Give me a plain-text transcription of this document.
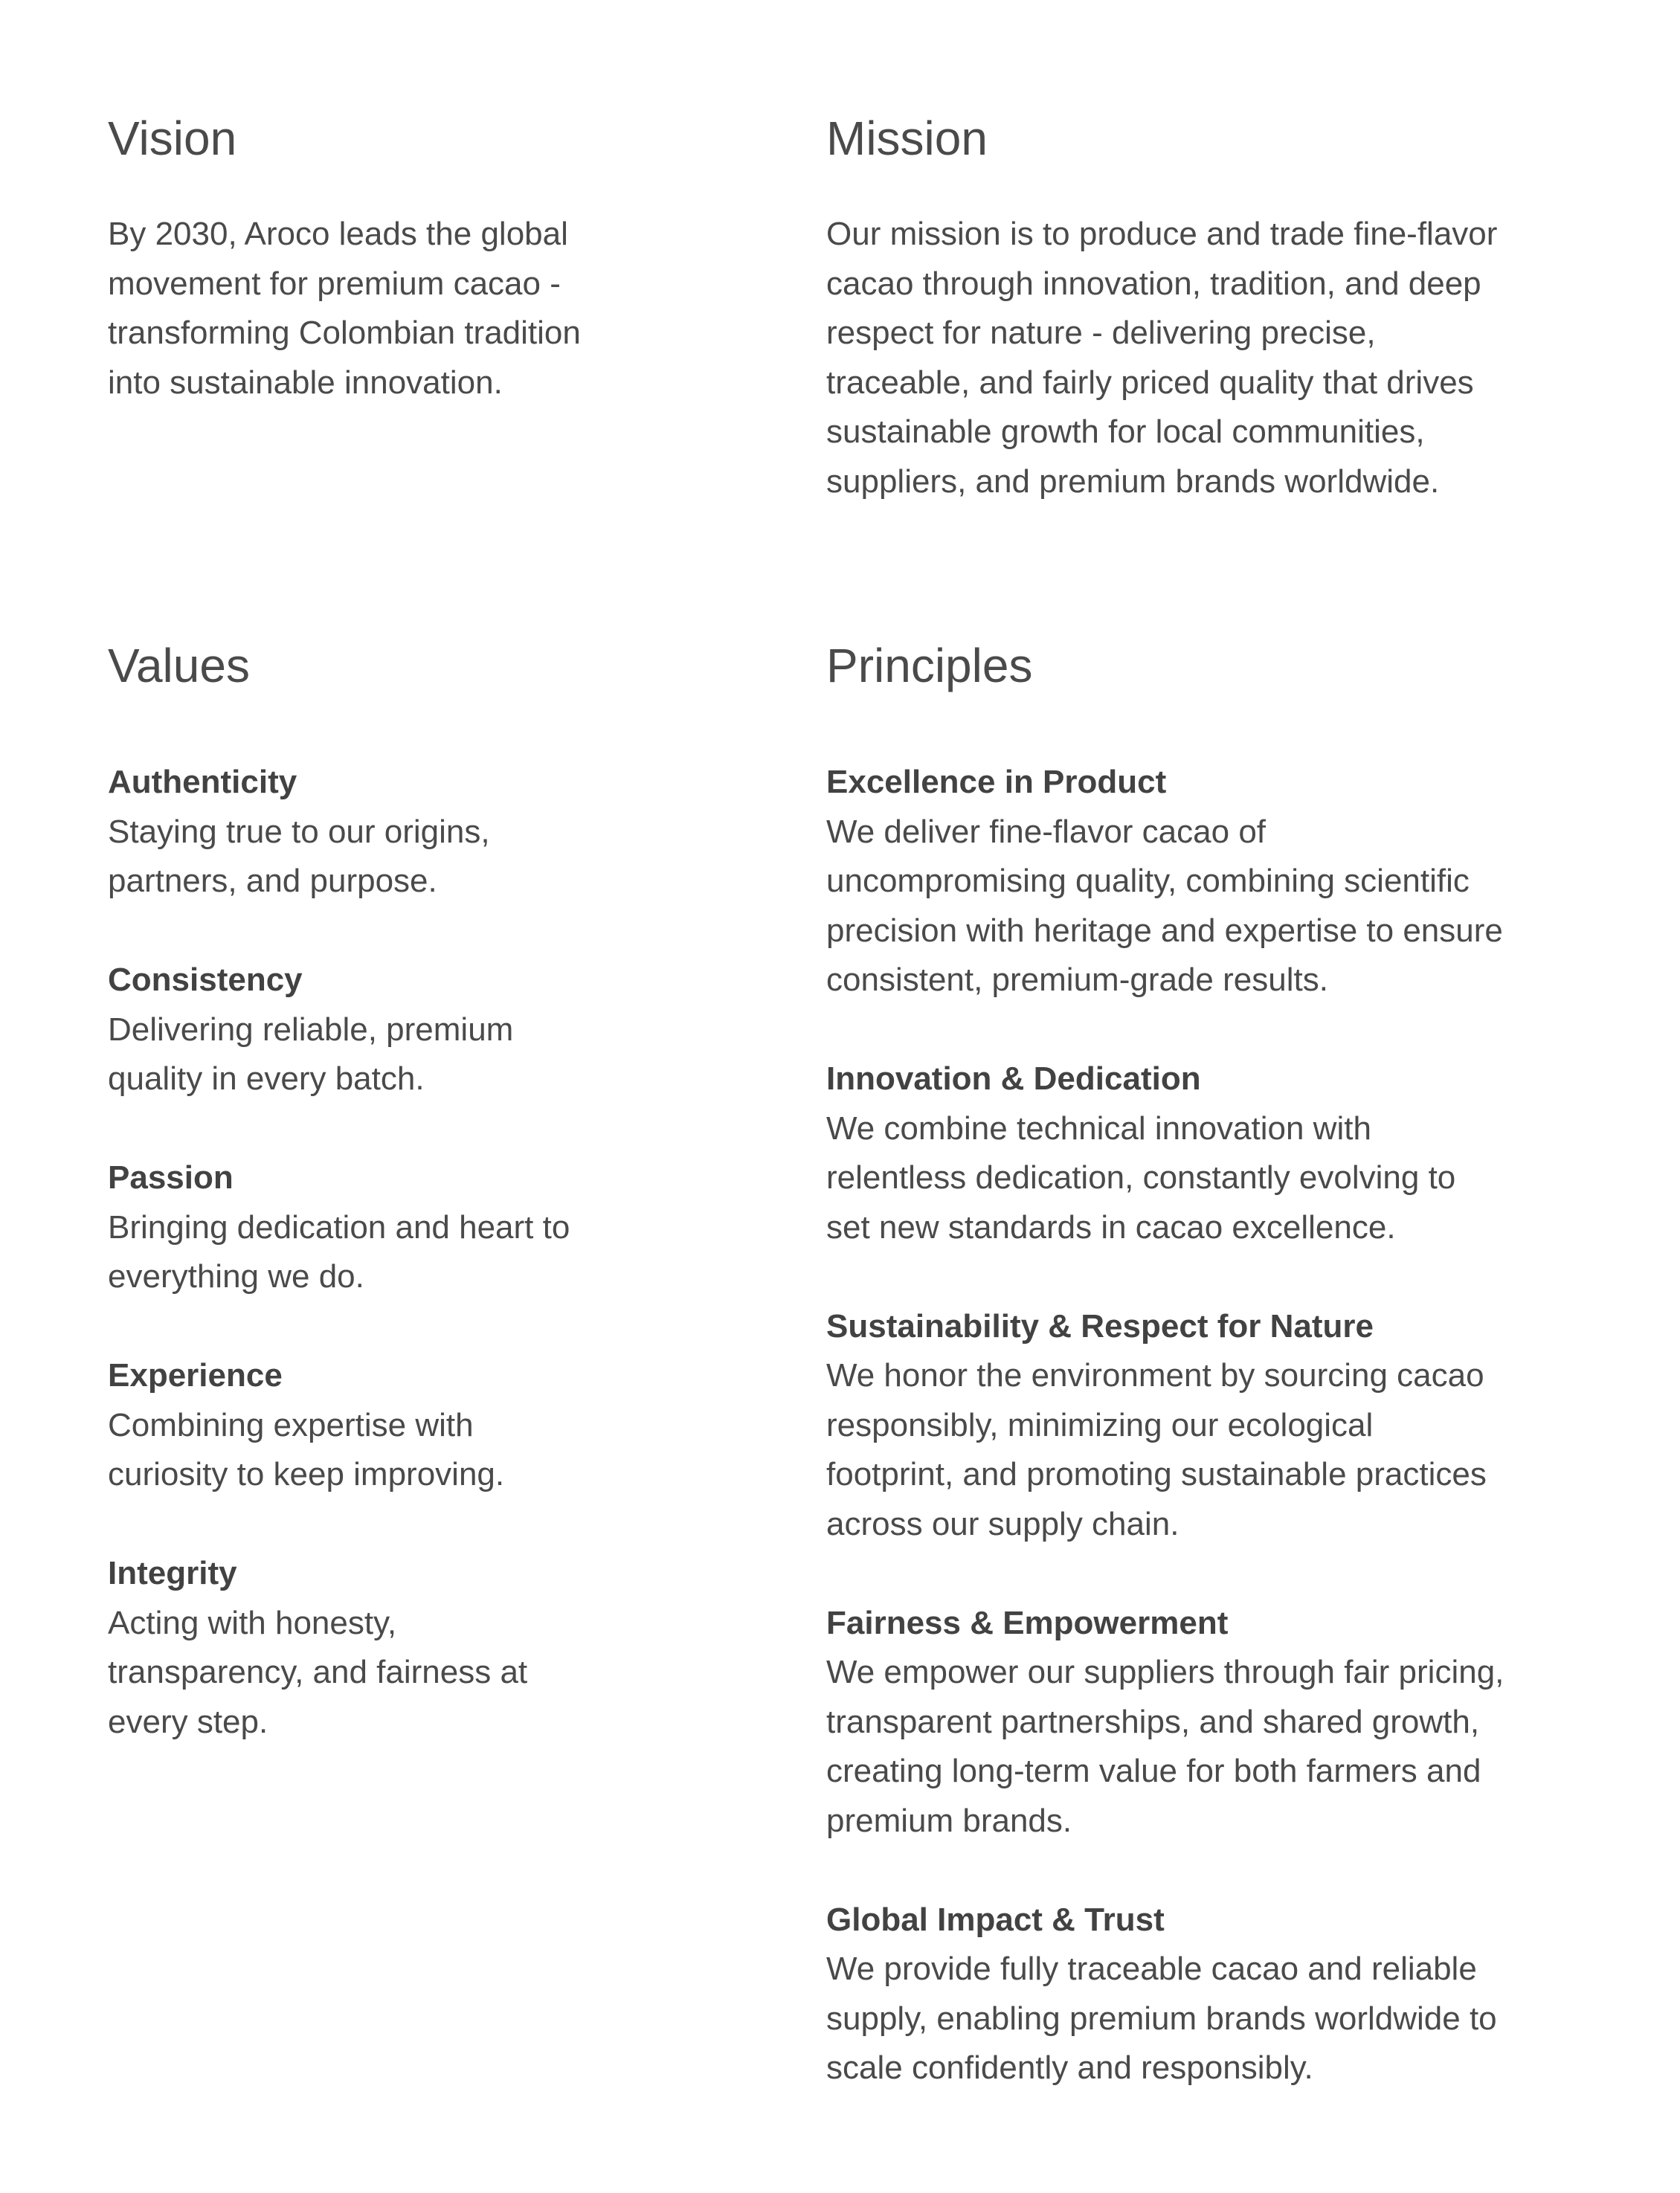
Vision

By 2030, Aroco leads the global
movement for premium cacao -
transforming Colombian tradition
into sustainable innovation.

Mission

Our mission is to produce and trade fine-flavor
cacao through innovation, tradition, and deep
respect for nature - delivering precise,
traceable, and fairly priced quality that drives
sustainable growth for local communities,
suppliers, and premium brands worldwide.

Values

Authenticity

Staying true to our origins,
partners, and purpose.

Consistency

Delivering reliable, premium
quality in every batch.

Passion

Bringing dedication and heart to
everything we do.

Experience

Combining expertise with
curiosity to keep improving.

Integrity

Acting with honesty,
transparency, and fairness at
every step.

Principles

Excellence in Product

We deliver fine-flavor cacao of
uncompromising quality, combining scientific
precision with heritage and expertise to ensure
consistent, premium-grade results.

Innovation & Dedication

We combine technical innovation with
relentless dedication, constantly evolving to
set new standards in cacao excellence.

Sustainability & Respect for Nature

We honor the environment by sourcing cacao
responsibly, minimizing our ecological
footprint, and promoting sustainable practices
across our supply chain.

Fairness & Empowerment

We empower our suppliers through fair pricing,
transparent partnerships, and shared growth,
creating long-term value for both farmers and
premium brands.

Global Impact & Trust

We provide fully traceable cacao and reliable
supply, enabling premium brands worldwide to
scale confidently and responsibly.
